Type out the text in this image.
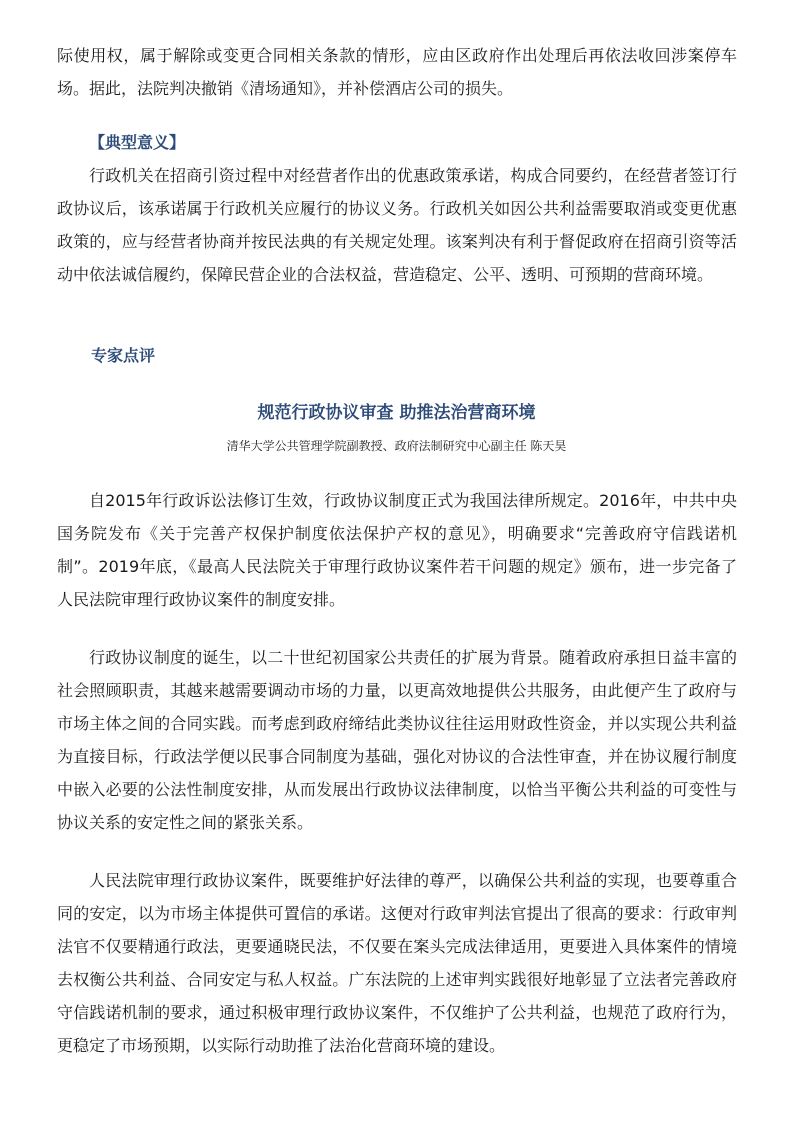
际使用权，属于解除或变更合同相关条款的情形，应由区政府作出处理后再依法收回涉案停车场。据此，法院判决撤销《清场通知》，并补偿酒店公司的损失。

【典型意义】

行政机关在招商引资过程中对经营者作出的优惠政策承诺，构成合同要约，在经营者签订行政协议后，该承诺属于行政机关应履行的协议义务。行政机关如因公共利益需要取消或变更优惠政策的，应与经营者协商并按民法典的有关规定处理。该案判决有利于督促政府在招商引资等活动中依法诚信履约，保障民营企业的合法权益，营造稳定、公平、透明、可预期的营商环境。

专家点评

规范行政协议审查 助推法治营商环境

清华大学公共管理学院副教授、政府法制研究中心副主任 陈天昊

自2015年行政诉讼法修订生效，行政协议制度正式为我国法律所规定。2016年，中共中央国务院发布《关于完善产权保护制度依法保护产权的意见》，明确要求“完善政府守信践诺机制”。2019年底，《最高人民法院关于审理行政协议案件若干问题的规定》颁布，进一步完备了人民法院审理行政协议案件的制度安排。

行政协议制度的诞生，以二十世纪初国家公共责任的扩展为背景。随着政府承担日益丰富的社会照顾职责，其越来越需要调动市场的力量，以更高效地提供公共服务，由此便产生了政府与市场主体之间的合同实践。而考虑到政府缔结此类协议往往运用财政性资金，并以实现公共利益为直接目标，行政法学便以民事合同制度为基础，强化对协议的合法性审查，并在协议履行制度中嵌入必要的公法性制度安排，从而发展出行政协议法律制度，以恰当平衡公共利益的可变性与协议关系的安定性之间的紧张关系。

人民法院审理行政协议案件，既要维护好法律的尊严，以确保公共利益的实现，也要尊重合同的安定，以为市场主体提供可置信的承诺。这便对行政审判法官提出了很高的要求：行政审判法官不仅要精通行政法，更要通晓民法，不仅要在案头完成法律适用，更要进入具体案件的情境去权衡公共利益、合同安定与私人权益。广东法院的上述审判实践很好地彰显了立法者完善政府守信践诺机制的要求，通过积极审理行政协议案件，不仅维护了公共利益，也规范了政府行为，更稳定了市场预期，以实际行动助推了法治化营商环境的建设。
